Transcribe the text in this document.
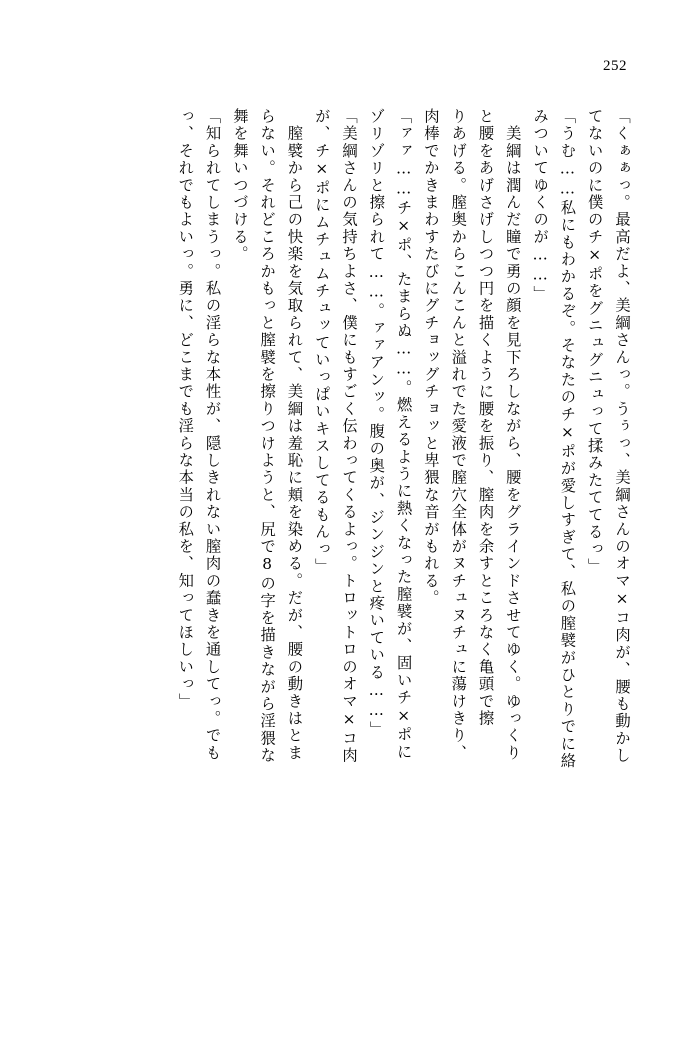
252
「くぁぁっ。最高だよ、美綱さんっ。うぅっ、美綱さんのオマ×コ肉が、腰も動かし
てないのに僕のチ×ポをグニュグニュって揉みたててるっ」
「うむ……私にもわかるぞ。そなたのチ×ポが愛しすぎて、私の膣襞がひとりでに絡
みついてゆくのが……」
　美綱は潤んだ瞳で勇の顔を見下ろしながら、腰をグラインドさせてゆく。ゆっくり
と腰をあげさげしつつ円を描くように腰を振り、膣肉を余すところなく亀頭で擦
りあげる。膣奥からこんこんと溢れでた愛液で膣穴全体がヌチュヌチュに蕩けきり、
肉棒でかきまわすたびにグチョッグチョッと卑猥な音がもれる。
「ァァ……チ×ポ、たまらぬ……。燃えるように熱くなった膣襞が、固いチ×ポに
ゾリゾリと擦られて……。ァァアンッ。腹の奥が、ジンジンと疼いている……」
「美綱さんの気持ちよさ、僕にもすごく伝わってくるよっ。トロットロのオマ×コ肉
が、チ×ポにムチュムチュッていっぱいキスしてるもんっ」
　膣襞から己の快楽を気取られて、美綱は羞恥に頬を染める。だが、腰の動きはとま
らない。それどころかもっと膣襞を擦りつけようと、尻で8の字を描きながら淫猥な
舞を舞いつづける。
「知られてしまうっ。私の淫らな本性が、隠しきれない膣肉の蠢きを通してっ。でも
っ、それでもよいっ。勇に、どこまでも淫らな本当の私を、知ってほしいっ」
